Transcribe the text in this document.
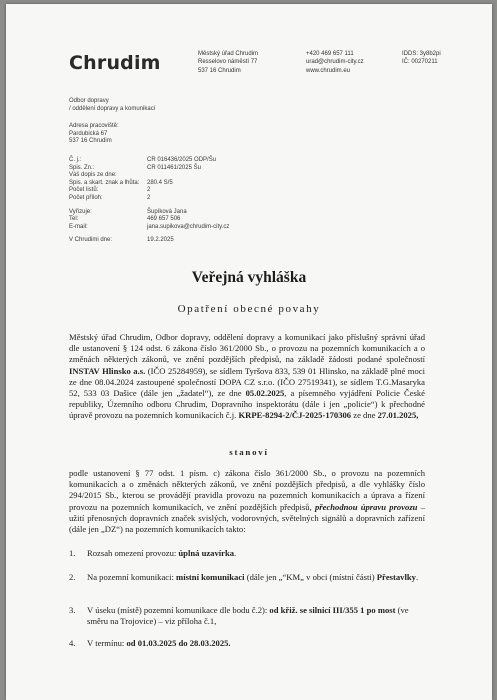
Chrudim	Městský úřad Chrudim
Resselovo náměstí 77
537 16 Chrudim
+420 469 657 111
urad@chrudim-city.cz
www.chrudim.eu
IDDS: 3y8b2pi
IČ: 00270211
Odbor dopravy
/ oddělení dopravy a komunikací
Adresa pracoviště:
Pardubická 67
537 16 Chrudim
Č. j.:	CR 016436/2025 ODP/Šu
Spis. Zn.:	CR 011461/2025 Šu
Váš dopis ze dne:
Spis. a skart. znak a lhůta:	280.4 S/5
Počet listů:	2
Počet příloh:	2
Vyřizuje:	Šupíková Jana
Tel:	469 657 506
E-mail:	jana.supikova@chrudim-city.cz
V Chrudimi dne:	19.2.2025
Veřejná vyhláška
Opatření obecné povahy
Městský úřad Chrudim, Odbor dopravy, oddělení dopravy a komunikací jako příslušný správní úřad dle ustanovení § 124 odst. 6 zákona číslo 361/2000 Sb., o provozu na pozemních komunikacích a o změnách některých zákonů, ve znění pozdějších předpisů, na základě žádosti podané společností INSTAV Hlinsko a.s. (IČO 25284959), se sídlem Tyršova 833, 539 01 Hlinsko, na základě plné moci ze dne 08.04.2024 zastoupené společností DOPA CZ s.r.o. (IČO 27519341), se sídlem T.G.Masaryka 52, 533 03 Dašice (dále jen „žadatel“), ze dne 05.02.2025, a písemného vyjádření Policie České republiky, Územního odboru Chrudim, Dopravního inspektorátu (dále i jen „policie“) k přechodné úpravě provozu na pozemních komunikacích č.j. KRPE-8294-2/ČJ-2025-170306 ze dne 27.01.2025,
stanoví
podle ustanovení § 77 odst. 1 písm. c) zákona číslo 361/2000 Sb., o provozu na pozemních komunikacích a o změnách některých zákonů, ve znění pozdějších předpisů, a dle vyhlášky číslo 294/2015 Sb., kterou se provádějí pravidla provozu na pozemních komunikacích a úprava a řízení provozu na pozemních komunikacích, ve znění pozdějších předpisů, přechodnou úpravu provozu – užití přenosných dopravních značek svislých, vodorovných, světelných signálů a dopravních zařízení (dále jen „DZ“) na pozemních komunikacích takto:
1.	Rozsah omezení provozu: úplná uzavírka.
2.	Na pozemní komunikaci: místní komunikaci (dále jen „“KM„ v obci (místní části) Přestavlky.
3.	V úseku (místě) pozemní komunikace dle bodu č.2): od křiž. se silnicí III/355 1 po most (ve směru na Trojovice) – viz příloha č.1,
4.	V termínu: od 01.03.2025 do 28.03.2025.
